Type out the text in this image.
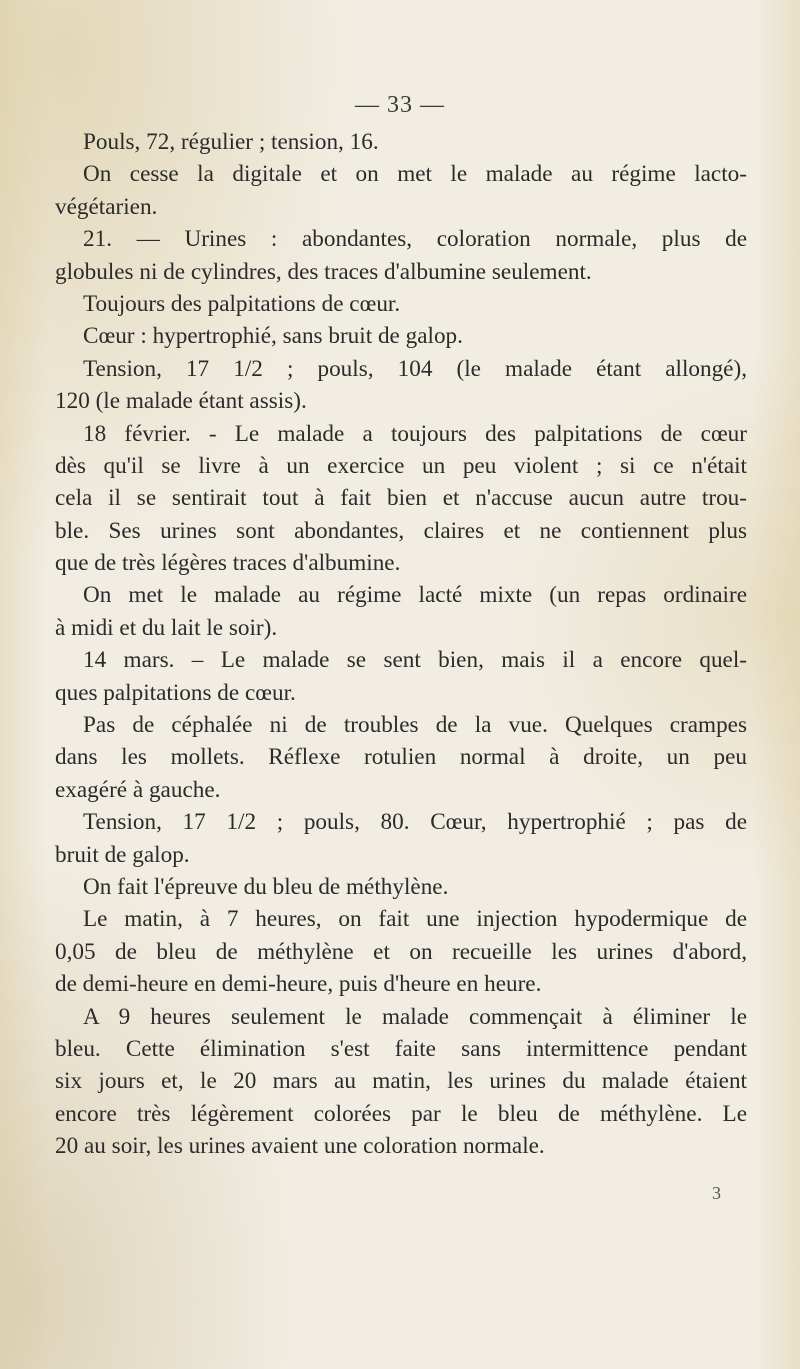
— 33 —
Pouls, 72, régulier ; tension, 16.
On cesse la digitale et on met le malade au régime lacto-
végétarien.
21. — Urines : abondantes, coloration normale, plus de
globules ni de cylindres, des traces d'albumine seulement.
Toujours des palpitations de cœur.
Cœur : hypertrophié, sans bruit de galop.
Tension, 17 1/2 ; pouls, 104 (le malade étant allongé),
120 (le malade étant assis).
18 février. - Le malade a toujours des palpitations de cœur
dès qu'il se livre à un exercice un peu violent ; si ce n'était
cela il se sentirait tout à fait bien et n'accuse aucun autre trou-
ble. Ses urines sont abondantes, claires et ne contiennent plus
que de très légères traces d'albumine.
On met le malade au régime lacté mixte (un repas ordinaire
à midi et du lait le soir).
14 mars. – Le malade se sent bien, mais il a encore quel-
ques palpitations de cœur.
Pas de céphalée ni de troubles de la vue. Quelques crampes
dans les mollets. Réflexe rotulien normal à droite, un peu
exagéré à gauche.
Tension, 17 1/2 ; pouls, 80. Cœur, hypertrophié ; pas de
bruit de galop.
On fait l'épreuve du bleu de méthylène.
Le matin, à 7 heures, on fait une injection hypodermique de
0,05 de bleu de méthylène et on recueille les urines d'abord,
de demi-heure en demi-heure, puis d'heure en heure.
A 9 heures seulement le malade commençait à éliminer le
bleu. Cette élimination s'est faite sans intermittence pendant
six jours et, le 20 mars au matin, les urines du malade étaient
encore très légèrement colorées par le bleu de méthylène. Le
20 au soir, les urines avaient une coloration normale.
3
